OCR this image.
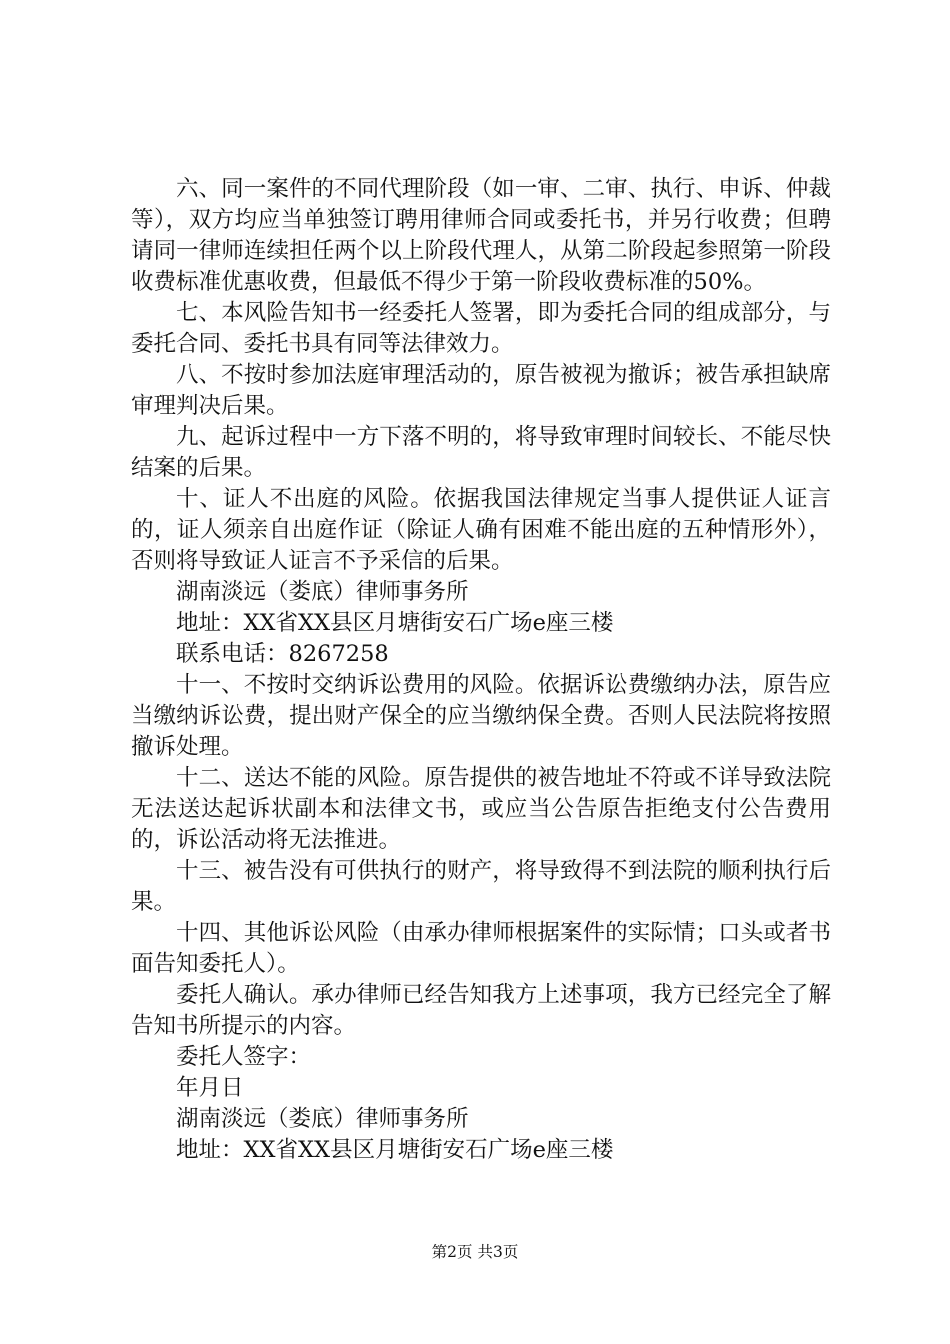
六、同一案件的不同代理阶段（如一审、二审、执行、申诉、仲裁等），双方均应当单独签订聘用律师合同或委托书，并另行收费；但聘请同一律师连续担任两个以上阶段代理人，从第二阶段起参照第一阶段收费标准优惠收费，但最低不得少于第一阶段收费标准的50%。

七、本风险告知书一经委托人签署，即为委托合同的组成部分，与委托合同、委托书具有同等法律效力。

八、不按时参加法庭审理活动的，原告被视为撤诉；被告承担缺席审理判决后果。

九、起诉过程中一方下落不明的，将导致审理时间较长、不能尽快结案的后果。

十、证人不出庭的风险。依据我国法律规定当事人提供证人证言的，证人须亲自出庭作证（除证人确有困难不能出庭的五种情形外），否则将导致证人证言不予采信的后果。

湖南淡远（娄底）律师事务所

地址：XX省XX县区月塘街安石广场e座三楼

联系电话：8267258

十一、不按时交纳诉讼费用的风险。依据诉讼费缴纳办法，原告应当缴纳诉讼费，提出财产保全的应当缴纳保全费。否则人民法院将按照撤诉处理。

十二、送达不能的风险。原告提供的被告地址不符或不详导致法院无法送达起诉状副本和法律文书，或应当公告原告拒绝支付公告费用的，诉讼活动将无法推进。

十三、被告没有可供执行的财产，将导致得不到法院的顺利执行后果。

十四、其他诉讼风险（由承办律师根据案件的实际情；口头或者书面告知委托人）。

委托人确认。承办律师已经告知我方上述事项，我方已经完全了解告知书所提示的内容。

委托人签字：

年月日

湖南淡远（娄底）律师事务所

地址：XX省XX县区月塘街安石广场e座三楼

第2页 共3页
